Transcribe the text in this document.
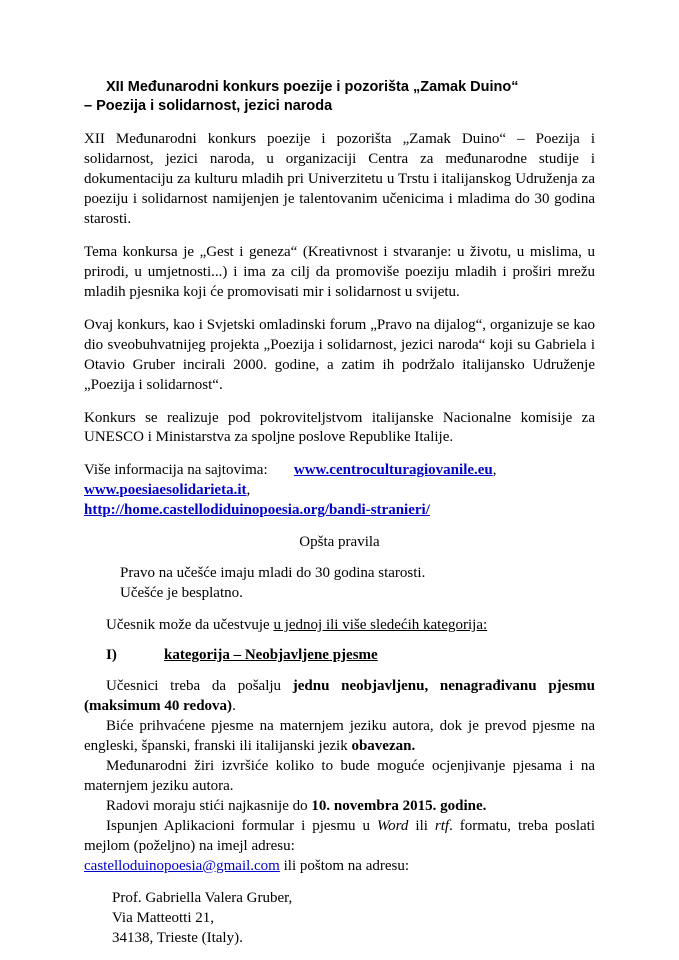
XII Međunarodni konkurs poezije i pozorišta „Zamak Duino“
– Poezija i solidarnost, jezici naroda

XII Međunarodni konkurs poezije i pozorišta „Zamak Duino“ – Poezija i solidarnost, jezici naroda, u organizaciji Centra za međunarodne studije i dokumentaciju za kulturu mladih pri Univerzitetu u Trstu i italijanskog Udruženja za poeziju i solidarnost namijenjen je talentovanim učenicima i mladima do 30 godina starosti.

Tema konkursa je „Gest i geneza“ (Kreativnost i stvaranje: u životu, u mislima, u prirodi, u umjetnosti...) i ima za cilj da promoviše poeziju mladih i proširi mrežu mladih pjesnika koji će promovisati mir i solidarnost u svijetu.

Ovaj konkurs, kao i Svjetski omladinski forum „Pravo na dijalog“, organizuje se kao dio sveobuhvatnijeg projekta „Poezija i solidarnost, jezici naroda“ koji su Gabriela i Otavio Gruber incirali 2000. godine, a zatim ih podržalo italijansko Udruženje „Poezija i solidarnost“.

Konkurs se realizuje pod pokroviteljstvom italijanske Nacionalne komisije za UNESCO i Ministarstva za spoljne poslove Republike Italije.

Više informacija na sajtovima: www.centroculturagiovanile.eu,
www.poesiaesolidarieta.it,
http://home.castellodiduinopoesia.org/bandi-stranieri/

Opšta pravila

Pravo na učešće imaju mladi do 30 godina starosti.

Učešće je besplatno.

Učesnik može da učestvuje u jednoj ili više sledećih kategorija:

I)	kategorija – Neobjavljene pjesme

Učesnici treba da pošalju jednu neobjavljenu, nenagrađivanu pjesmu (maksimum 40 redova).

Biće prihvaćene pjesme na maternjem jeziku autora, dok je prevod pjesme na engleski, španski, franski ili italijanski jezik obavezan.

Međunarodni žiri izvršiće koliko to bude moguće ocjenjivanje pjesama i na maternjem jeziku autora.

Radovi moraju stići najkasnije do 10. novembra 2015. godine.

Ispunjen Aplikacioni formular i pjesmu u Word ili rtf. formatu, treba poslati mejlom (poželjno) na imejl adresu:

castelloduinopoesia@gmail.com ili poštom na adresu:

Prof. Gabriella Valera Gruber,
Via Matteotti 21,
34138, Trieste (Italy).
